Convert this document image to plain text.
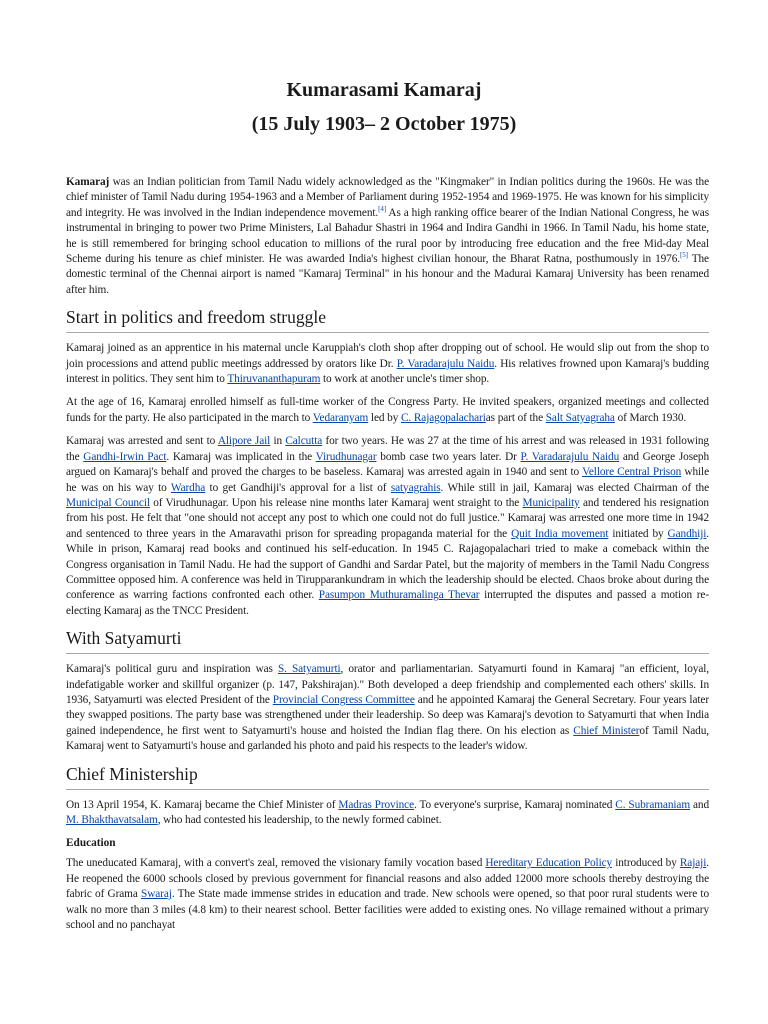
Kumarasami Kamaraj
(15 July 1903– 2 October 1975)

Kamaraj was an Indian politician from Tamil Nadu widely acknowledged as the "Kingmaker" in Indian politics during the 1960s. He was the chief minister of Tamil Nadu during 1954-1963 and a Member of Parliament during 1952-1954 and 1969-1975. He was known for his simplicity and integrity. He was involved in the Indian independence movement.[4] As a high ranking office bearer of the Indian National Congress, he was instrumental in bringing to power two Prime Ministers, Lal Bahadur Shastri in 1964 and Indira Gandhi in 1966. In Tamil Nadu, his home state, he is still remembered for bringing school education to millions of the rural poor by introducing free education and the free Mid-day Meal Scheme during his tenure as chief minister. He was awarded India's highest civilian honour, the Bharat Ratna, posthumously in 1976.[5] The domestic terminal of the Chennai airport is named "Kamaraj Terminal" in his honour and the Madurai Kamaraj University has been renamed after him.

Start in politics and freedom struggle

Kamaraj joined as an apprentice in his maternal uncle Karuppiah's cloth shop after dropping out of school. He would slip out from the shop to join processions and attend public meetings addressed by orators like Dr. P. Varadarajulu Naidu. His relatives frowned upon Kamaraj's budding interest in politics. They sent him to Thiruvananthapuram to work at another uncle's timer shop.

At the age of 16, Kamaraj enrolled himself as full-time worker of the Congress Party. He invited speakers, organized meetings and collected funds for the party. He also participated in the march to Vedaranyam led by C. Rajagopalacharias part of the Salt Satyagraha of March 1930.

Kamaraj was arrested and sent to Alipore Jail in Calcutta for two years. He was 27 at the time of his arrest and was released in 1931 following the Gandhi-Irwin Pact. Kamaraj was implicated in the Virudhunagar bomb case two years later. Dr P. Varadarajulu Naidu and George Joseph argued on Kamaraj's behalf and proved the charges to be baseless. Kamaraj was arrested again in 1940 and sent to Vellore Central Prison while he was on his way to Wardha to get Gandhiji's approval for a list of satyagrahis. While still in jail, Kamaraj was elected Chairman of the Municipal Council of Virudhunagar. Upon his release nine months later Kamaraj went straight to the Municipality and tendered his resignation from his post. He felt that "one should not accept any post to which one could not do full justice." Kamaraj was arrested one more time in 1942 and sentenced to three years in the Amaravathi prison for spreading propaganda material for the Quit India movement initiated by Gandhiji. While in prison, Kamaraj read books and continued his self-education. In 1945 C. Rajagopalachari tried to make a comeback within the Congress organisation in Tamil Nadu. He had the support of Gandhi and Sardar Patel, but the majority of members in the Tamil Nadu Congress Committee opposed him. A conference was held in Tirupparankundram in which the leadership should be elected. Chaos broke about during the conference as warring factions confronted each other. Pasumpon Muthuramalinga Thevar interrupted the disputes and passed a motion re-electing Kamaraj as the TNCC President.

With Satyamurti

Kamaraj's political guru and inspiration was S. Satyamurti, orator and parliamentarian. Satyamurti found in Kamaraj "an efficient, loyal, indefatigable worker and skillful organizer (p. 147, Pakshirajan)." Both developed a deep friendship and complemented each others' skills. In 1936, Satyamurti was elected President of the Provincial Congress Committee and he appointed Kamaraj the General Secretary. Four years later they swapped positions. The party base was strengthened under their leadership. So deep was Kamaraj's devotion to Satyamurti that when India gained independence, he first went to Satyamurti's house and hoisted the Indian flag there. On his election as Chief Ministerof Tamil Nadu, Kamaraj went to Satyamurti's house and garlanded his photo and paid his respects to the leader's widow.

Chief Ministership

On 13 April 1954, K. Kamaraj became the Chief Minister of Madras Province. To everyone's surprise, Kamaraj nominated C. Subramaniam and M. Bhakthavatsalam, who had contested his leadership, to the newly formed cabinet.

Education

The uneducated Kamaraj, with a convert's zeal, removed the visionary family vocation based Hereditary Education Policy introduced by Rajaji. He reopened the 6000 schools closed by previous government for financial reasons and also added 12000 more schools thereby destroying the fabric of Grama Swaraj. The State made immense strides in education and trade. New schools were opened, so that poor rural students were to walk no more than 3 miles (4.8 km) to their nearest school. Better facilities were added to existing ones. No village remained without a primary school and no panchayat
